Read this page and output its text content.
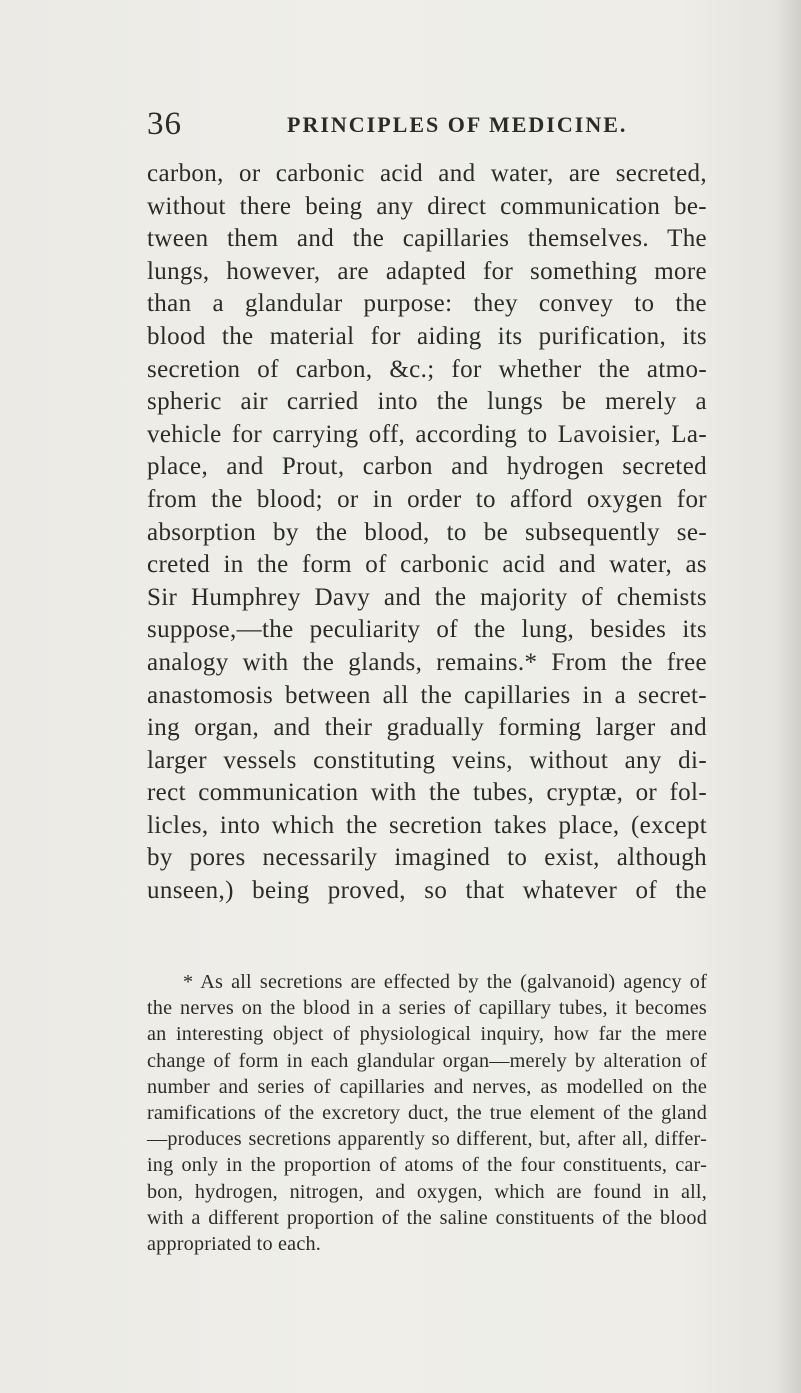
36	PRINCIPLES OF MEDICINE.
carbon, or carbonic acid and water, are secreted,
without there being any direct communication be-
tween them and the capillaries themselves. The
lungs, however, are adapted for something more
than a glandular purpose: they convey to the
blood the material for aiding its purification, its
secretion of carbon, &c.; for whether the atmo-
spheric air carried into the lungs be merely a
vehicle for carrying off, according to Lavoisier, La-
place, and Prout, carbon and hydrogen secreted
from the blood; or in order to afford oxygen for
absorption by the blood, to be subsequently se-
creted in the form of carbonic acid and water, as
Sir Humphrey Davy and the majority of chemists
suppose,—the peculiarity of the lung, besides its
analogy with the glands, remains.* From the free
anastomosis between all the capillaries in a secret-
ing organ, and their gradually forming larger and
larger vessels constituting veins, without any di-
rect communication with the tubes, cryptæ, or fol-
licles, into which the secretion takes place, (except
by pores necessarily imagined to exist, although
unseen,) being proved, so that whatever of the
* As all secretions are effected by the (galvanoid) agency of
the nerves on the blood in a series of capillary tubes, it becomes
an interesting object of physiological inquiry, how far the mere
change of form in each glandular organ—merely by alteration of
number and series of capillaries and nerves, as modelled on the
ramifications of the excretory duct, the true element of the gland
—produces secretions apparently so different, but, after all, differ-
ing only in the proportion of atoms of the four constituents, car-
bon, hydrogen, nitrogen, and oxygen, which are found in all,
with a different proportion of the saline constituents of the blood
appropriated to each.
